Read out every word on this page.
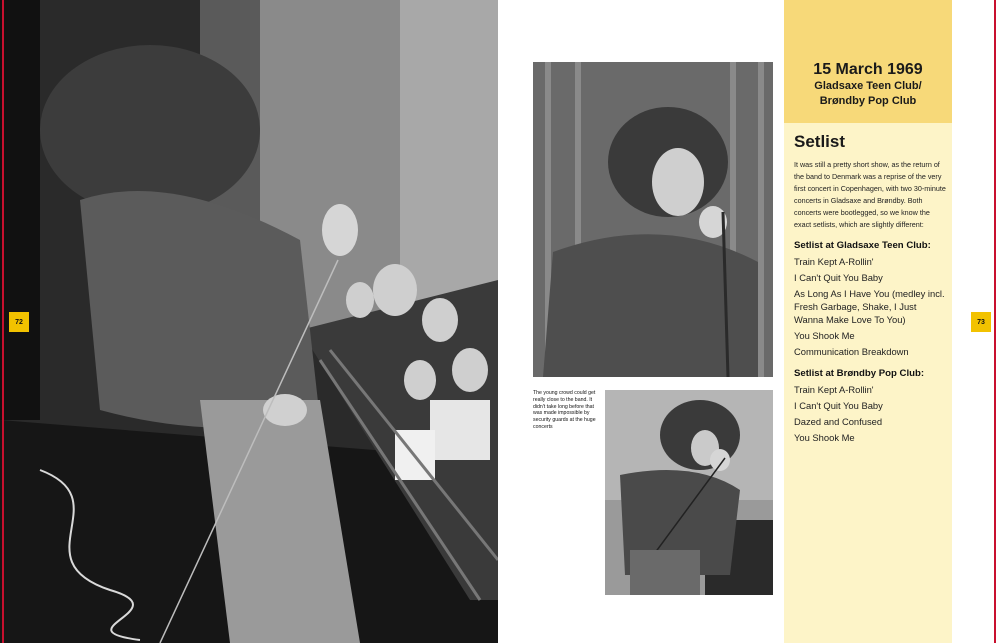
72
The young crowd could get really close to the band. It didn't take long before that was made impossible by security guards at the huge concerts
15 March 1969
Gladsaxe Teen Club/
Brøndby Pop Club
Setlist

It was still a pretty short show, as the return of the band to Denmark was a reprise of the very first concert in Copenhagen, with two 30-minute concerts in Gladsaxe and Brøndby. Both concerts were bootlegged, so we know the exact setlists, which are slightly different:

Setlist at Gladsaxe Teen Club:
Train Kept A-Rollin'
I Can't Quit You Baby
As Long As I Have You (medley incl. Fresh Garbage, Shake, I Just Wanna Make Love To You)
You Shook Me
Communication Breakdown
Setlist at Brøndby Pop Club:
Train Kept A-Rollin'
I Can't Quit You Baby
Dazed and Confused
You Shook Me
73
